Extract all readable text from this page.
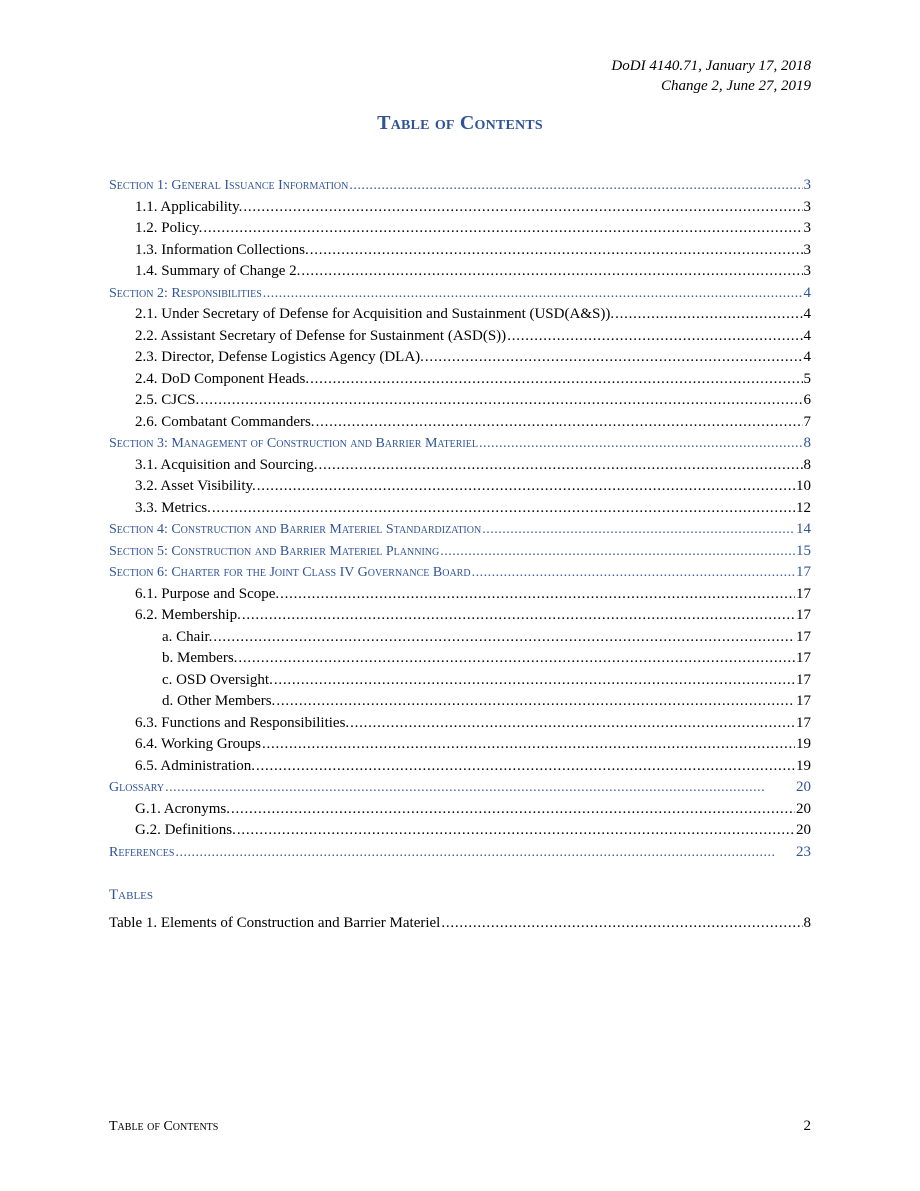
DoDI 4140.71, January 17, 2018
Change 2, June 27, 2019
Table of Contents
Section 1: General Issuance Information . . .	3
1.1. Applicability. . . .	3
1.2. Policy. . . .	3
1.3. Information Collections. . . .	3
1.4. Summary of Change 2. . . .	3
Section 2: Responsibilities . . .	4
2.1. Under Secretary of Defense for Acquisition and Sustainment (USD(A&S)). . . .	4
2.2. Assistant Secretary of Defense for Sustainment (ASD(S)) . . .	4
2.3. Director, Defense Logistics Agency (DLA). . . .	4
2.4. DoD Component Heads. . . .	5
2.5. CJCS. . . .	6
2.6. Combatant Commanders. . . .	7
Section 3: Management of Construction and Barrier Materiel . . .	8
3.1. Acquisition and Sourcing. . . .	8
3.2. Asset Visibility. . . .	10
3.3. Metrics. . . .	12
Section 4: Construction and Barrier Materiel Standardization . . .	14
Section 5: Construction and Barrier Materiel Planning . . .	15
Section 6: Charter for the Joint Class IV Governance Board . . .	17
6.1. Purpose and Scope. . . .	17
6.2. Membership. . . .	17
a. Chair. . . .	17
b. Members. . . .	17
c. OSD Oversight. . . .	17
d. Other Members. . . .	17
6.3. Functions and Responsibilities. . . .	17
6.4. Working Groups . . .	19
6.5. Administration. . . .	19
Glossary . . .	20
G.1. Acronyms. . . .	20
G.2. Definitions. . . .	20
References . . .	23
Tables
Table 1. Elements of Construction and Barrier Materiel . . .	8
Table of Contents	2
